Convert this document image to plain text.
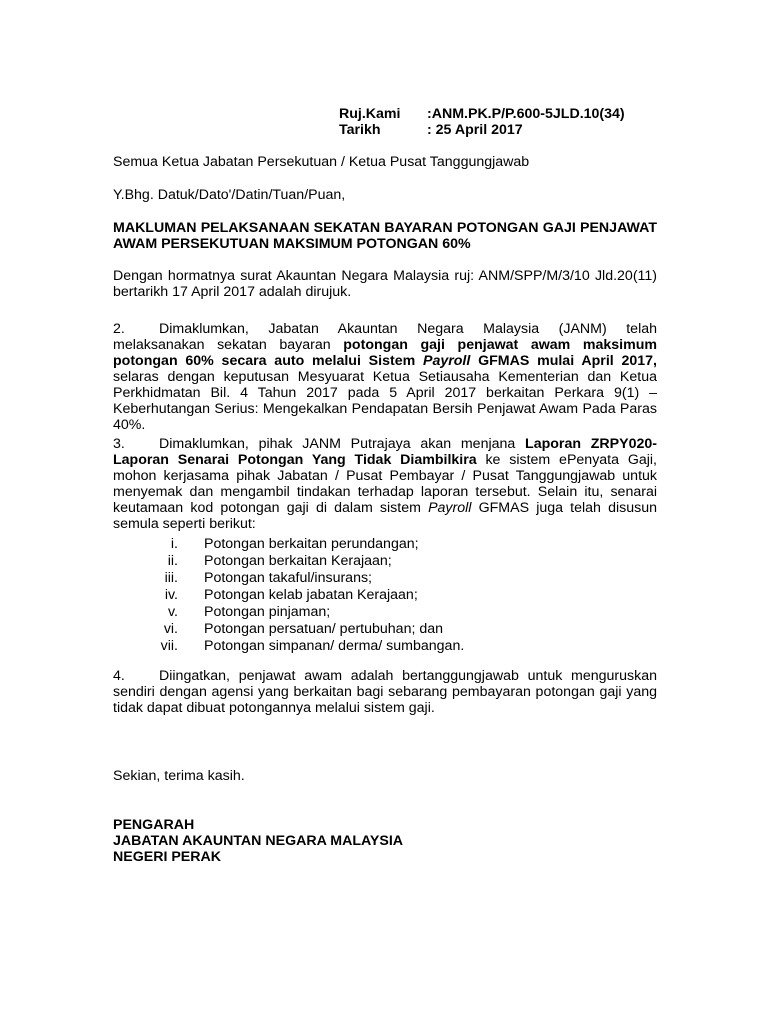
Ruj.Kami	:ANM.PK.P/P.600-5JLD.10(34)
Tarikh	: 25 April 2017
Semua Ketua Jabatan Persekutuan / Ketua Pusat Tanggungjawab
Y.Bhg. Datuk/Dato'/Datin/Tuan/Puan,
MAKLUMAN PELAKSANAAN SEKATAN BAYARAN POTONGAN GAJI PENJAWAT
AWAM PERSEKUTUAN MAKSIMUM POTONGAN 60%
Dengan hormatnya surat Akauntan Negara Malaysia ruj: ANM/SPP/M/3/10 Jld.20(11) bertarikh 17 April 2017 adalah dirujuk.
2. Dimaklumkan, Jabatan Akauntan Negara Malaysia (JANM) telah melaksanakan sekatan bayaran potongan gaji penjawat awam maksimum potongan 60% secara auto melalui Sistem Payroll GFMAS mulai April 2017, selaras dengan keputusan Mesyuarat Ketua Setiausaha Kementerian dan Ketua Perkhidmatan Bil. 4 Tahun 2017 pada 5 April 2017 berkaitan Perkara 9(1) – Keberhutangan Serius: Mengekalkan Pendapatan Bersih Penjawat Awam Pada Paras 40%.
3. Dimaklumkan, pihak JANM Putrajaya akan menjana Laporan ZRPY020-Laporan Senarai Potongan Yang Tidak Diambilkira ke sistem ePenyata Gaji, mohon kerjasama pihak Jabatan / Pusat Pembayar / Pusat Tanggungjawab untuk menyemak dan mengambil tindakan terhadap laporan tersebut. Selain itu, senarai keutamaan kod potongan gaji di dalam sistem Payroll GFMAS juga telah disusun semula seperti berikut:
i. Potongan berkaitan perundangan;
ii. Potongan berkaitan Kerajaan;
iii. Potongan takaful/insurans;
iv. Potongan kelab jabatan Kerajaan;
v. Potongan pinjaman;
vi. Potongan persatuan/ pertubuhan; dan
vii. Potongan simpanan/ derma/ sumbangan.
4. Diingatkan, penjawat awam adalah bertanggungjawab untuk menguruskan sendiri dengan agensi yang berkaitan bagi sebarang pembayaran potongan gaji yang tidak dapat dibuat potongannya melalui sistem gaji.
Sekian, terima kasih.
PENGARAH
JABATAN AKAUNTAN NEGARA MALAYSIA
NEGERI PERAK
